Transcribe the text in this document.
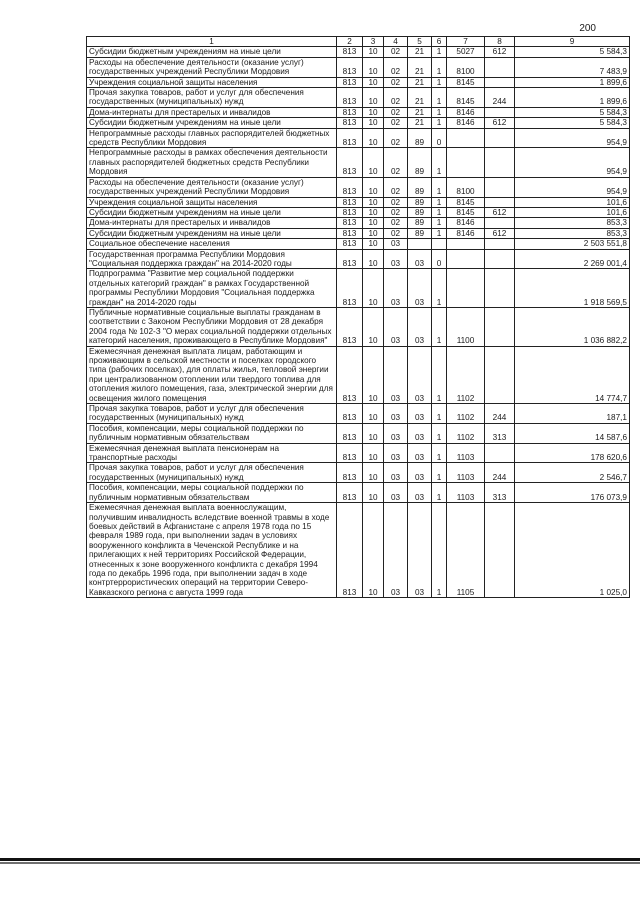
200
1	2	3	4	5	6	7	8	9
Субсидии бюджетным учреждениям на иные цели	813	10	02	21	1	5027	612	5 584,3
Расходы на обеспечение деятельности (оказание услуг) государственных учреждений Республики Мордовия	813	10	02	21	1	8100		7 483,9
Учреждения социальной защиты населения	813	10	02	21	1	8145		1 899,6
Прочая закупка товаров, работ и услуг для обеспечения государственных (муниципальных) нужд	813	10	02	21	1	8145	244	1 899,6
Дома-интернаты для престарелых и инвалидов	813	10	02	21	1	8146		5 584,3
Субсидии бюджетным учреждениям на иные цели	813	10	02	21	1	8146	612	5 584,3
Непрограммные расходы главных распорядителей бюджетных средств Республики Мордовия	813	10	02	89	0			954,9
Непрограммные расходы в рамках обеспечения деятельности главных распорядителей бюджетных средств Республики Мордовия	813	10	02	89	1			954,9
Расходы на обеспечение деятельности (оказание услуг) государственных учреждений Республики Мордовия	813	10	02	89	1	8100		954,9
Учреждения социальной защиты населения	813	10	02	89	1	8145		101,6
Субсидии бюджетным учреждениям на иные цели	813	10	02	89	1	8145	612	101,6
Дома-интернаты для престарелых и инвалидов	813	10	02	89	1	8146		853,3
Субсидии бюджетным учреждениям на иные цели	813	10	02	89	1	8146	612	853,3
Социальное обеспечение населения	813	10	03					2 503 551,8
Государственная программа Республики Мордовия "Социальная поддержка граждан" на 2014-2020 годы	813	10	03	03	0			2 269 001,4
Подпрограмма "Развитие мер социальной поддержки отдельных категорий граждан" в рамках Государственной программы Республики Мордовия "Социальная поддержка граждан" на 2014-2020 годы	813	10	03	03	1			1 918 569,5
Публичные нормативные социальные выплаты гражданам в соответствии с Законом Республики Мордовия от 28 декабря 2004 года № 102-З "О мерах социальной поддержки отдельных категорий населения, проживающего в Республике Мордовия"	813	10	03	03	1	1100		1 036 882,2
Ежемесячная денежная выплата лицам, работающим и проживающим в сельской местности и поселках городского типа (рабочих поселках), для оплаты жилья, тепловой энергии при централизованном отоплении или твердого топлива для отопления жилого помещения, газа, электрической энергии для освещения жилого помещения	813	10	03	03	1	1102		14 774,7
Прочая закупка товаров, работ и услуг для обеспечения государственных (муниципальных) нужд	813	10	03	03	1	1102	244	187,1
Пособия, компенсации, меры социальной поддержки по публичным нормативным обязательствам	813	10	03	03	1	1102	313	14 587,6
Ежемесячная денежная выплата пенсионерам на транспортные расходы	813	10	03	03	1	1103		178 620,6
Прочая закупка товаров, работ и услуг для обеспечения государственных (муниципальных) нужд	813	10	03	03	1	1103	244	2 546,7
Пособия, компенсации, меры социальной поддержки по публичным нормативным обязательствам	813	10	03	03	1	1103	313	176 073,9
Ежемесячная денежная выплата военнослужащим, получившим инвалидность вследствие военной травмы в ходе боевых действий в Афганистане с апреля 1978 года по 15 февраля 1989 года, при выполнении задач в условиях вооруженного конфликта в Чеченской Республике и на прилегающих к ней территориях Российской Федерации, отнесенных к зоне вооруженного конфликта с декабря 1994 года по декабрь 1996 года, при выполнении задач в ходе контртеррористических операций на территории Северо-Кавказского региона с августа 1999 года	813	10	03	03	1	1105		1 025,0
